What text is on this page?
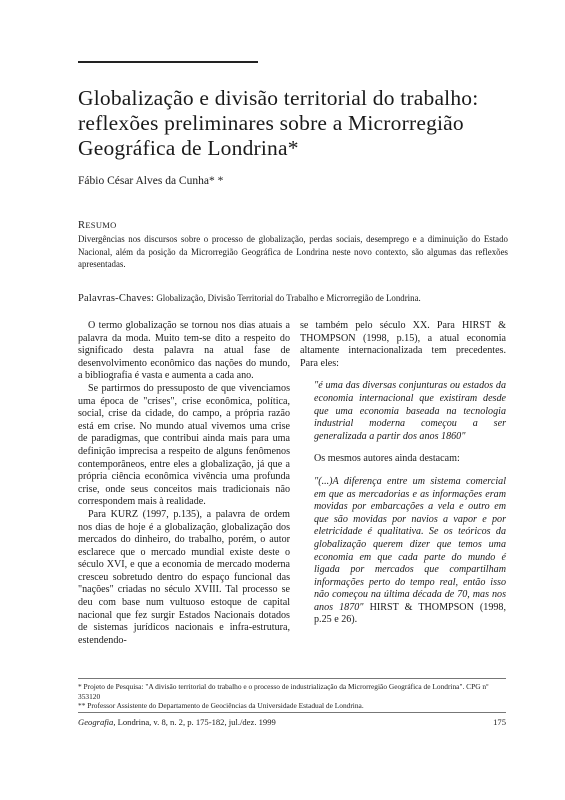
Globalização e divisão territorial do trabalho: reflexões preliminares sobre a Microrregião Geográfica de Londrina*
Fábio César Alves da Cunha* *
RESUMO

Divergências nos discursos sobre o processo de globalização, perdas sociais, desemprego e a diminuição do Estado Nacional, além da posição da Microrregião Geográfica de Londrina neste novo contexto, são algumas das reflexões apresentadas.

Palavras-Chaves: Globalização, Divisão Territorial do Trabalho e Microrregião de Londrina.

O termo globalização se tornou nos dias atuais a palavra da moda. Muito tem-se dito a respeito do significado desta palavra na atual fase de desenvolvimento econômico das nações do mundo, a bibliografia é vasta e aumenta a cada ano.

Se partirmos do pressuposto de que vivenciamos uma época de "crises", crise econômica, política, social, crise da cidade, do campo, a própria razão está em crise. No mundo atual vivemos uma crise de paradigmas, que contribui ainda mais para uma definição imprecisa a respeito de alguns fenômenos contemporâneos, entre eles a globalização, já que a própria ciência econômica vivência uma profunda crise, onde seus conceitos mais tradicionais não correspondem mais à realidade.

Para KURZ (1997, p.135), a palavra de ordem nos dias de hoje é a globalização, globalização dos mercados do dinheiro, do trabalho, porém, o autor esclarece que o mercado mundial existe deste o século XVI, e que a economia de mercado moderna cresceu sobretudo dentro do espaço funcional das "nações" criadas no século XVIII. Tal processo se deu com base num vultuoso estoque de capital nacional que fez surgir Estados Nacionais dotados de sistemas jurídicos nacionais e infra-estrutura, estendendo-

se também pelo século XX. Para HIRST & THOMPSON (1998, p.15), a atual economia altamente internacionalizada tem precedentes. Para eles:

"é uma das diversas conjunturas ou estados da economia internacional que existiram desde que uma economia baseada na tecnologia industrial moderna começou a ser generalizada a partir dos anos 1860"

Os mesmos autores ainda destacam:

"(...)A diferença entre um sistema comercial em que as mercadorias e as informações eram movidas por embarcações a vela e outro em que são movidas por navios a vapor e por eletricidade é qualitativa. Se os teóricos da globalização querem dizer que temos uma economia em que cada parte do mundo é ligada por mercados que compartilham informações perto do tempo real, então isso não começou na última década de 70, mas nos anos 1870" HIRST & THOMPSON (1998, p.25 e 26).

* Projeto de Pesquisa: "A divisão territorial do trabalho e o processo de industrialização da Microrregião Geográfica de Londrina". CPG nº 353120

** Professor Assistente do Departamento de Geociências da Universidade Estadual de Londrina.

Geografia, Londrina, v. 8, n. 2, p. 175-182, jul./dez. 1999	175
